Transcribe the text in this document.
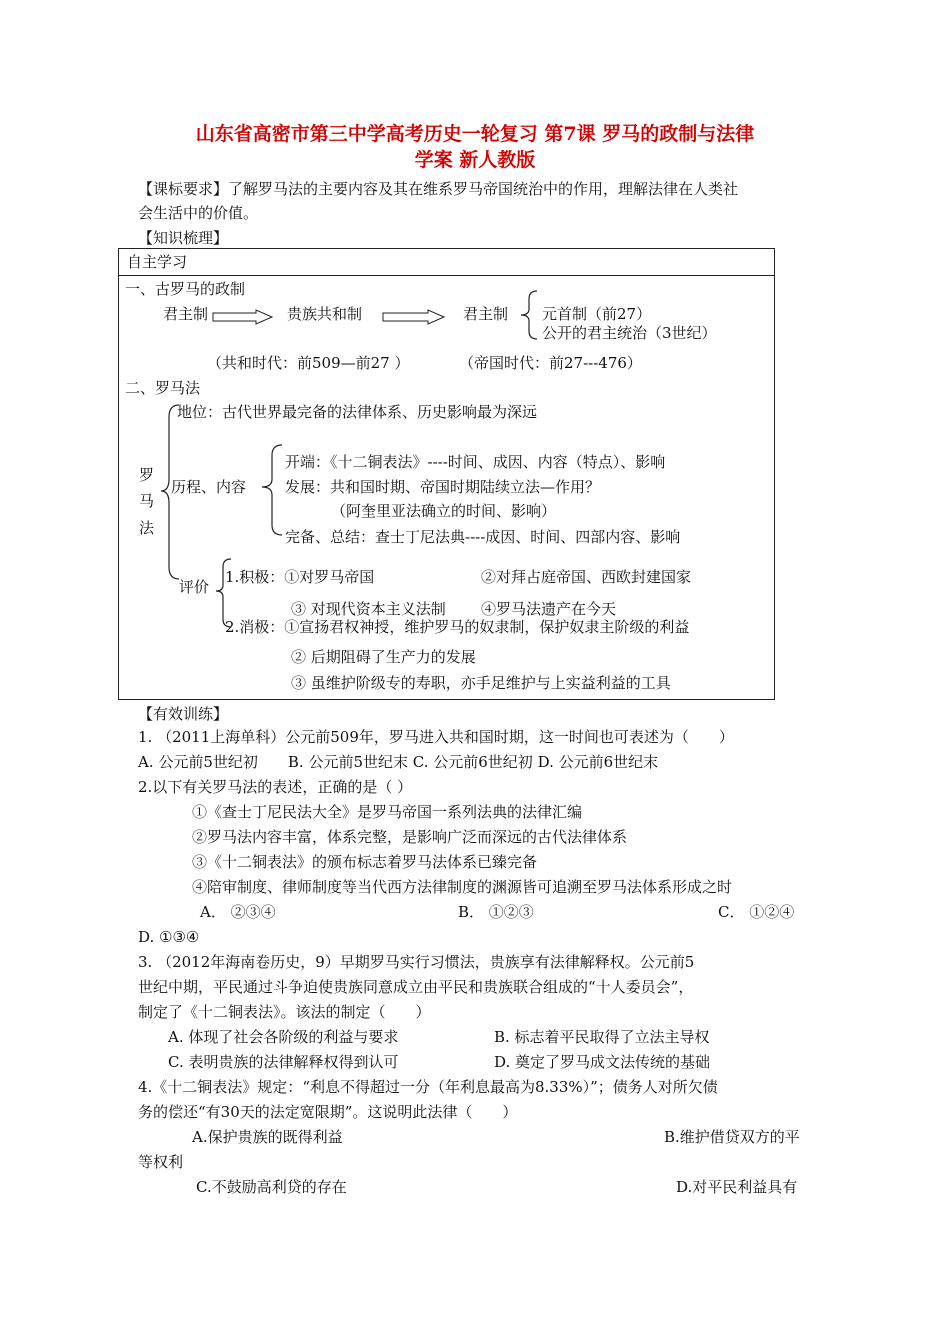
山东省高密市第三中学高考历史一轮复习 第7课 罗马的政制与法律
学案 新人教版
【课标要求】了解罗马法的主要内容及其在维系罗马帝国统治中的作用，理解法律在人类社
会生活中的价值。
【知识梳理】
自主学习
一、古罗马的政制
君主制	贵族共和制	君主制 元首制（前27）
公开的君主统治（3世纪）
（共和时代：前509—前27 ）	（帝国时代：前27---476）
二、罗马法
罗
马
法
地位：古代世界最完备的法律体系、历史影响最为深远
历程、内容
开端：《十二铜表法》----时间、成因、内容（特点）、影响
发展：共和国时期、帝国时期陆续立法—作用？
（阿奎里亚法确立的时间、影响）
完备、总结：查士丁尼法典----成因、时间、四部内容、影响
评价
1.积极：①对罗马帝国	②对拜占庭帝国、西欧封建国家
③ 对现代资本主义法制 ④罗马法遗产在今天
2.消极：①宣扬君权神授，维护罗马的奴隶制，保护奴隶主阶级的利益
② 后期阻碍了生产力的发展
③ 虽维护阶级专的寿职，亦手足维护与上实益利益的工具
【有效训练】
1. （2011上海单科）公元前509年，罗马进入共和国时期，这一时间也可表述为（　　）
A. 公元前5世纪初　　B. 公元前5世纪末 C. 公元前6世纪初 D. 公元前6世纪末
2.以下有关罗马法的表述，正确的是（ ）
①《查士丁尼民法大全》是罗马帝国一系列法典的法律汇编
②罗马法内容丰富，体系完整，是影响广泛而深远的古代法律体系
③《十二铜表法》的颁布标志着罗马法体系已臻完备
④陪审制度、律师制度等当代西方法律制度的渊源皆可追溯至罗马法体系形成之时
A． ②③④	B． ①②③	C． ①②④
D. ①③④
3. （2012年海南卷历史，9）早期罗马实行习惯法，贵族享有法律解释权。公元前5
世纪中期，平民通过斗争迫使贵族同意成立由平民和贵族联合组成的“十人委员会”，
制定了《十二铜表法》。该法的制定（　　）
A. 体现了社会各阶级的利益与要求	B. 标志着平民取得了立法主导权
C. 表明贵族的法律解释权得到认可	D. 奠定了罗马成文法传统的基础
4.《十二铜表法》规定：“利息不得超过一分（年利息最高为8.33%）”；债务人对所欠债
务的偿还“有30天的法定宽限期”。这说明此法律（　　）
A.保护贵族的既得利益	B.维护借贷双方的平
等权利
C.不鼓励高利贷的存在	D.对平民利益具有
